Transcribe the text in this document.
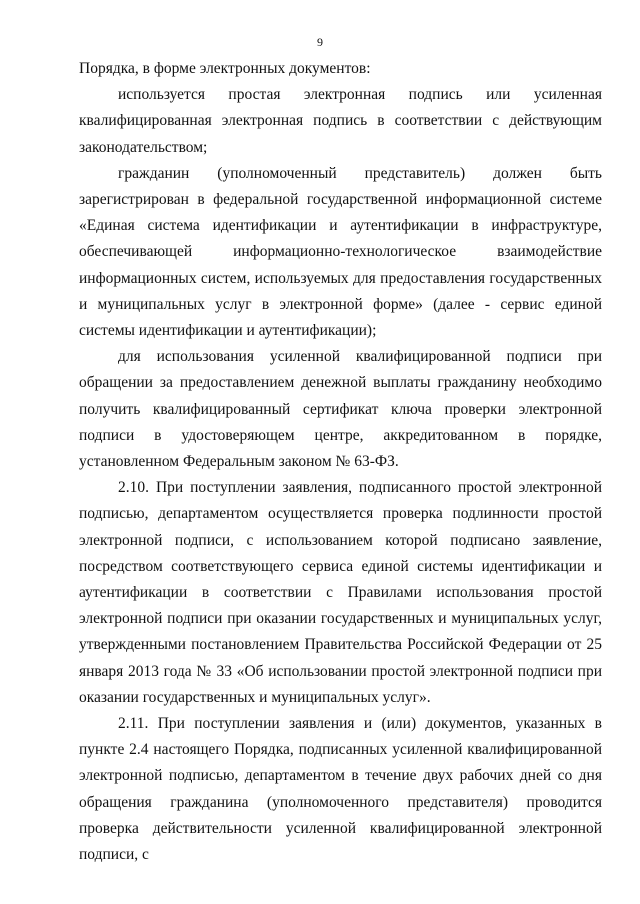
9

Порядка, в форме электронных документов:

используется простая электронная подпись или усиленная квалифицированная электронная подпись в соответствии с действующим законодательством;

гражданин (уполномоченный представитель) должен быть зарегистрирован в федеральной государственной информационной системе «Единая система идентификации и аутентификации в инфраструктуре, обеспечивающей информационно-технологическое взаимодействие информационных систем, используемых для предоставления государственных и муниципальных услуг в электронной форме» (далее - сервис единой системы идентификации и аутентификации);

для использования усиленной квалифицированной подписи при обращении за предоставлением денежной выплаты гражданину необходимо получить квалифицированный сертификат ключа проверки электронной подписи в удостоверяющем центре, аккредитованном в порядке, установленном Федеральным законом № 63-ФЗ.

2.10. При поступлении заявления, подписанного простой электронной подписью, департаментом осуществляется проверка подлинности простой электронной подписи, с использованием которой подписано заявление, посредством соответствующего сервиса единой системы идентификации и аутентификации в соответствии с Правилами использования простой электронной подписи при оказании государственных и муниципальных услуг, утвержденными постановлением Правительства Российской Федерации от 25 января 2013 года № 33 «Об использовании простой электронной подписи при оказании государственных и муниципальных услуг».

2.11. При поступлении заявления и (или) документов, указанных в пункте 2.4 настоящего Порядка, подписанных усиленной квалифицированной электронной подписью, департаментом в течение двух рабочих дней со дня обращения гражданина (уполномоченного представителя) проводится проверка действительности усиленной квалифицированной электронной подписи, с
